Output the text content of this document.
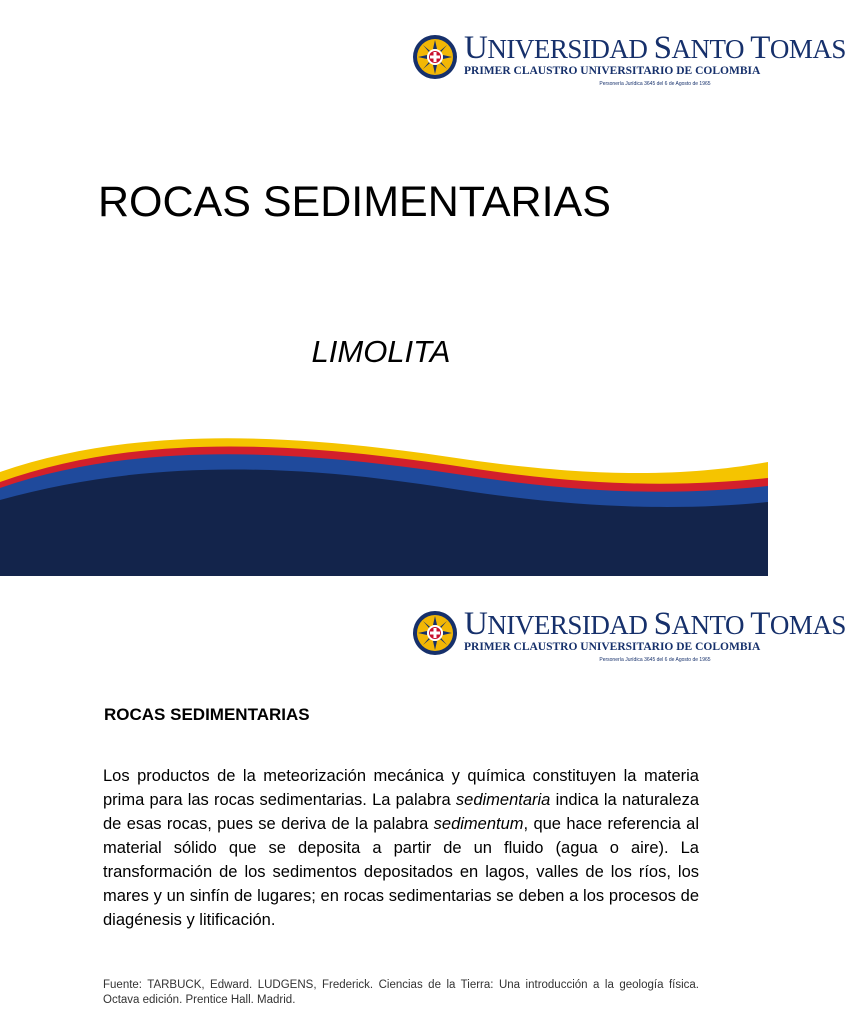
UNIVERSIDAD SANTO TOMAS
PRIMER CLAUSTRO UNIVERSITARIO DE COLOMBIA
Personería Jurídica 3645 del 6 de Agosto de 1965
ROCAS SEDIMENTARIAS
LIMOLITA
UNIVERSIDAD SANTO TOMAS
PRIMER CLAUSTRO UNIVERSITARIO DE COLOMBIA
Personería Jurídica 3645 del 6 de Agosto de 1965
ROCAS SEDIMENTARIAS
Los productos de la meteorización mecánica y química constituyen la materia prima para las rocas sedimentarias. La palabra sedimentaria indica la naturaleza de esas rocas, pues se deriva de la palabra sedimentum, que hace referencia al material sólido que se deposita a partir de un fluido (agua o aire). La transformación de los sedimentos depositados en lagos, valles de los ríos, los mares y un sinfín de lugares; en rocas sedimentarias se deben a los procesos de diagénesis y litificación.
Fuente: TARBUCK, Edward. LUDGENS, Frederick. Ciencias de la Tierra: Una introducción a la geología física. Octava edición. Prentice Hall. Madrid.
